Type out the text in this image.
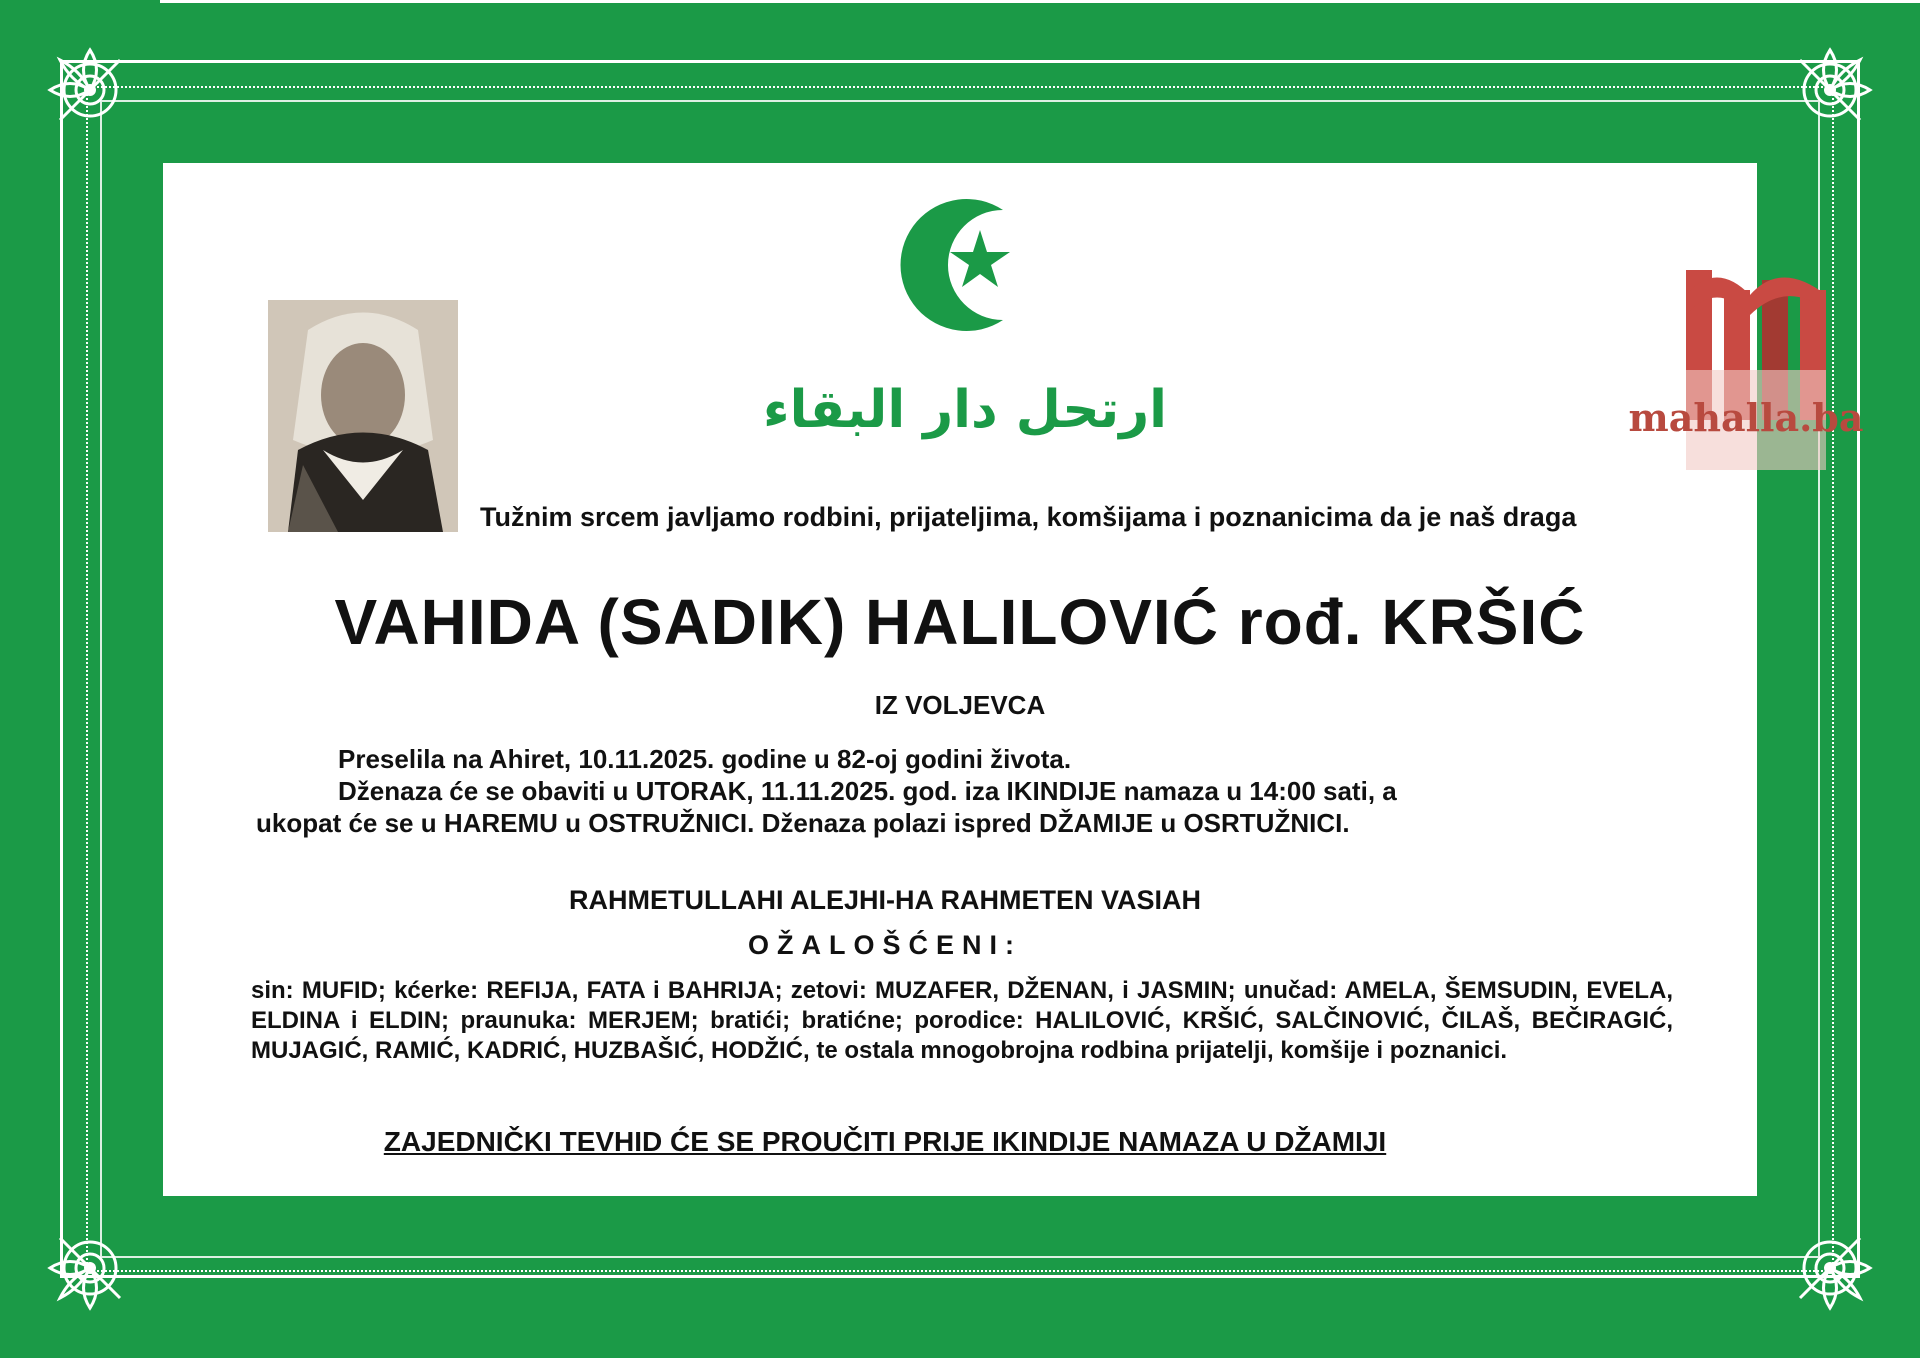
ارتحل دار البقاء	mahalla.ba
Tužnim srcem javljamo rodbini, prijateljima, komšijama i poznanicima da je naš draga
VAHIDA (SADIK) HALILOVIĆ rođ. KRŠIĆ
IZ VOLJEVCA
Preselila na Ahiret, 10.11.2025. godine u 82-oj godini života.
Dženaza će se obaviti u UTORAK, 11.11.2025. god. iza IKINDIJE namaza u 14:00 sati, a
ukopat će se u HAREMU u OSTRUŽNICI. Dženaza polazi ispred DŽAMIJE u OSRTUŽNICI.
RAHMETULLAHI ALEJHI-HA RAHMETEN VASIAH
OŽALOŠĆENI:
sin: MUFID; kćerke: REFIJA, FATA i BAHRIJA; zetovi: MUZAFER, DŽENAN, i JASMIN; unučad: AMELA, ŠEMSUDIN, EVELA, ELDINA i ELDIN; praunuka: MERJEM; bratići; bratićne; porodice: HALILOVIĆ, KRŠIĆ, SALČINOVIĆ, ČILAŠ, BEČIRAGIĆ, MUJAGIĆ, RAMIĆ, KADRIĆ, HUZBAŠIĆ, HODŽIĆ, te ostala mnogobrojna rodbina prijatelji, komšije i poznanici.
ZAJEDNIČKI TEVHID ĆE SE PROUČITI PRIJE IKINDIJE NAMAZA U DŽAMIJI
